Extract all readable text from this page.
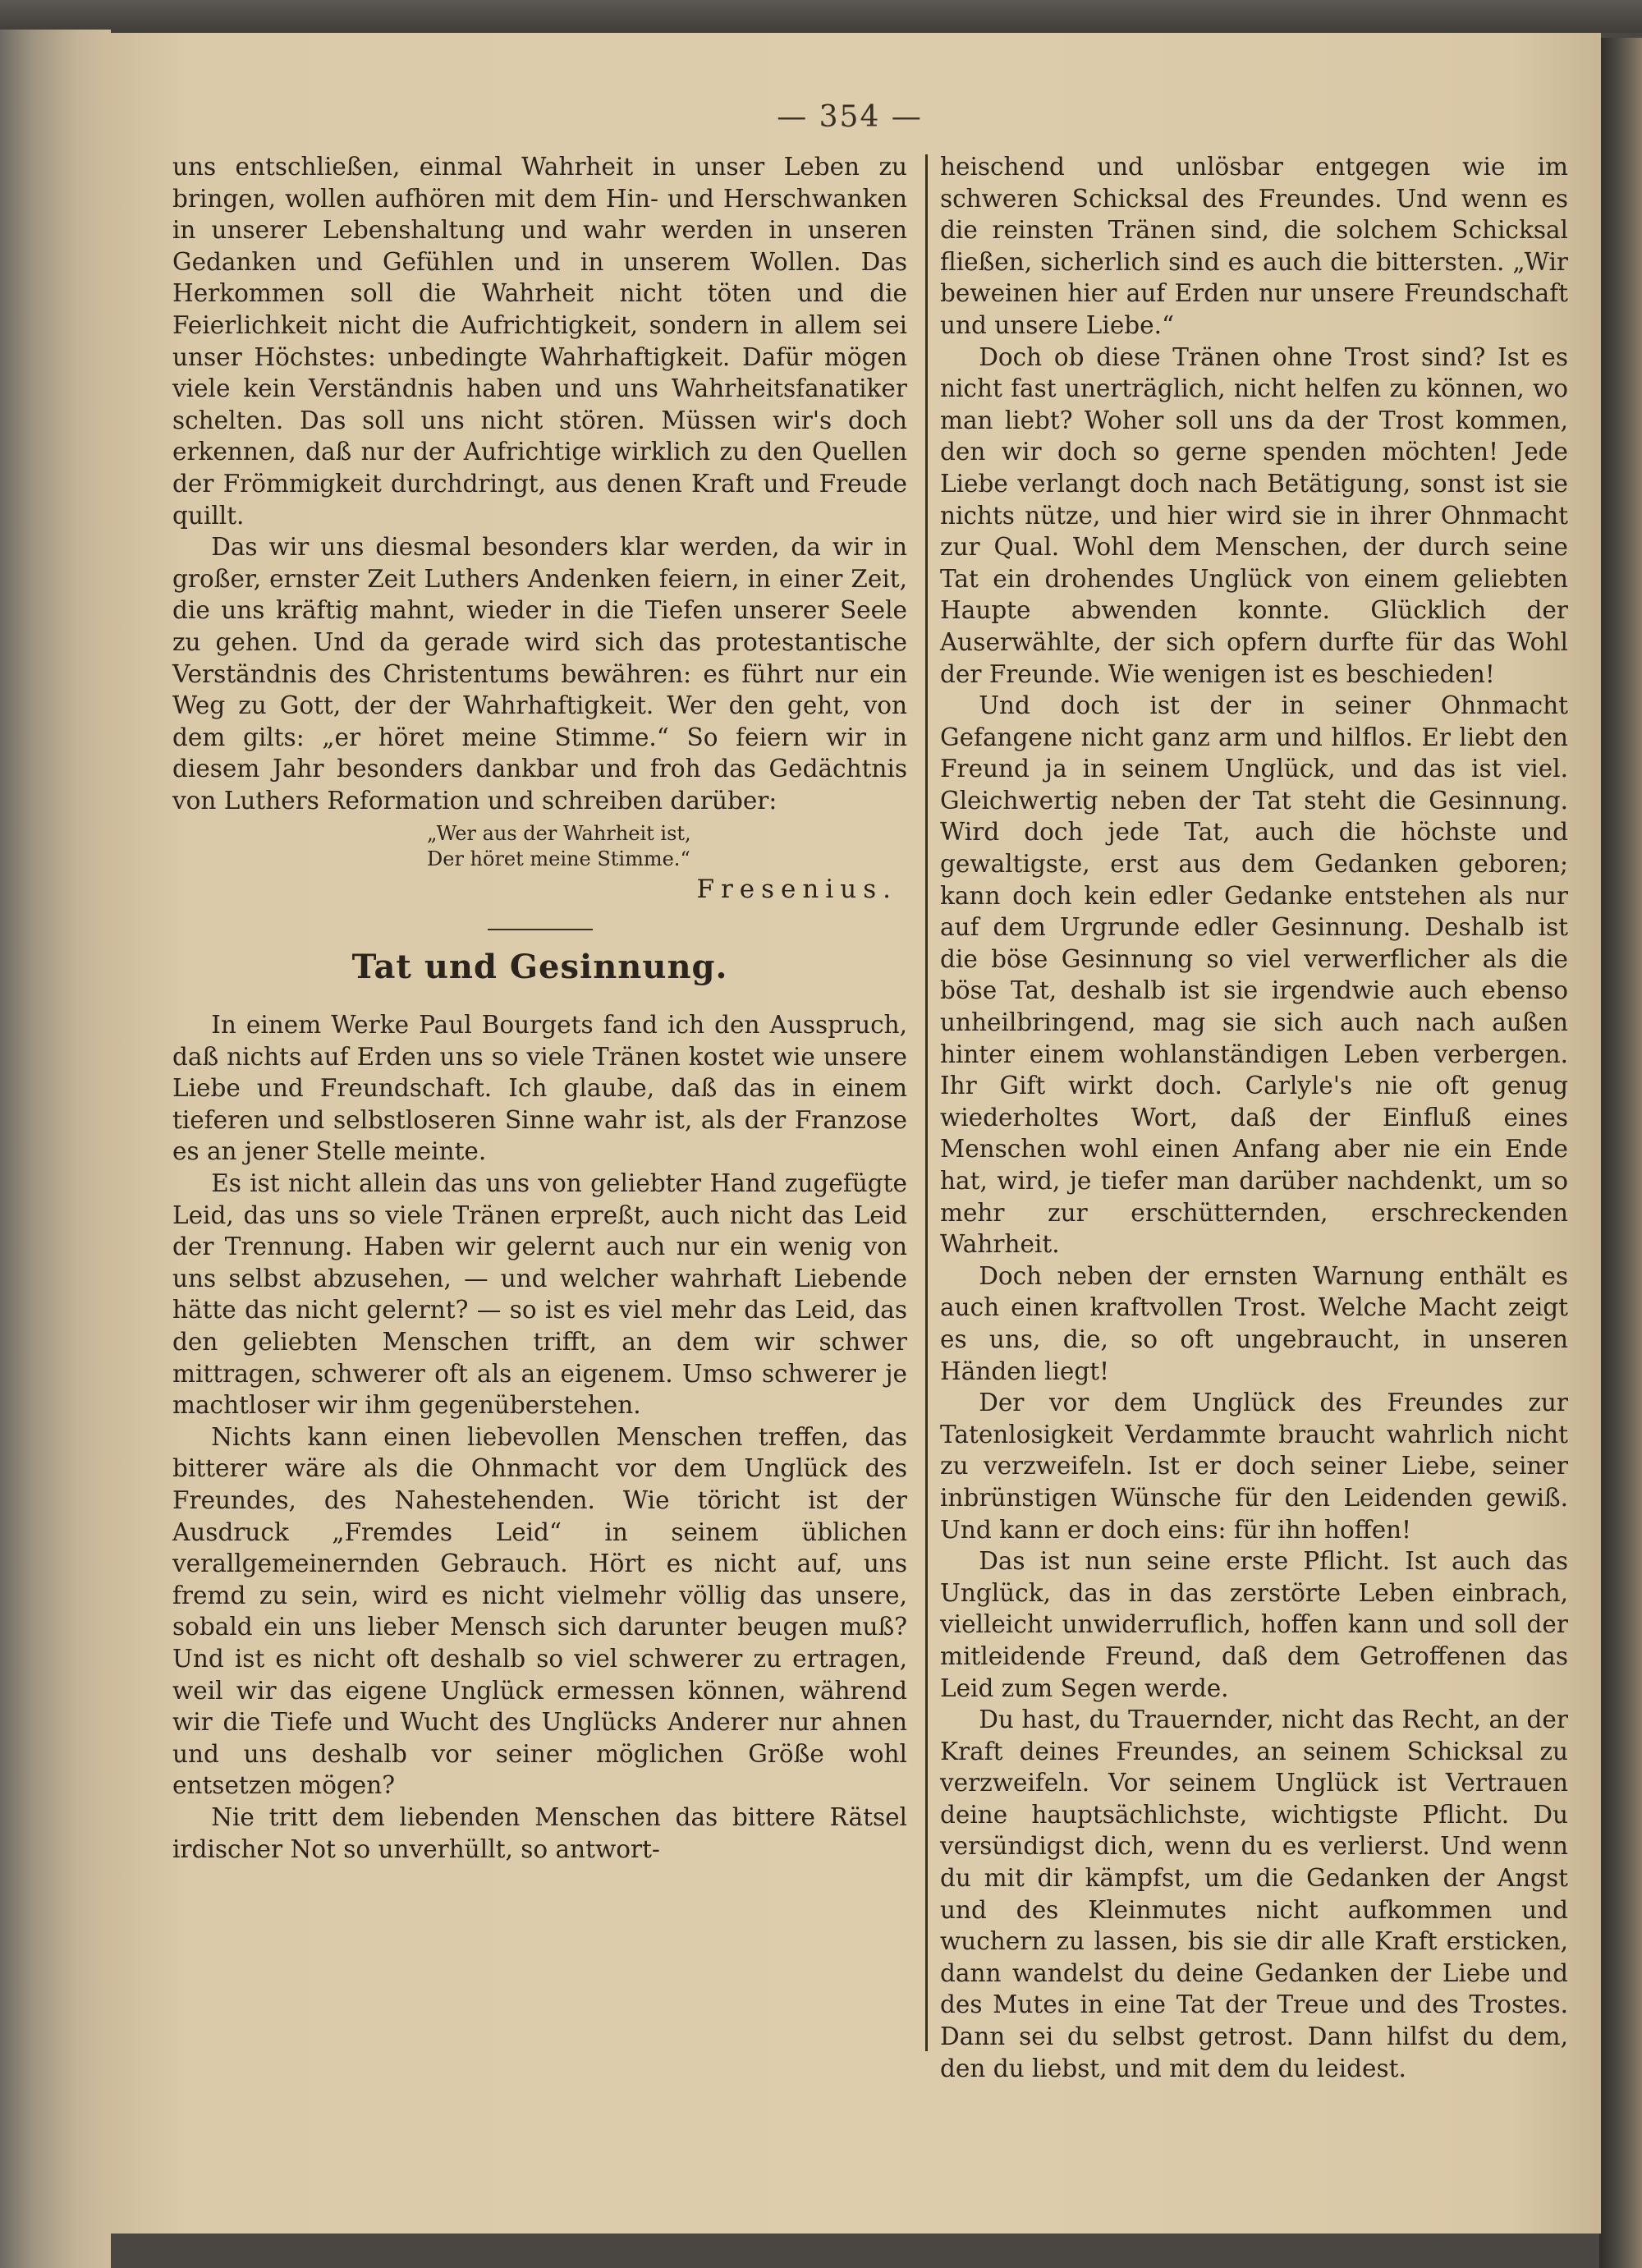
— 354 —

uns entschließen, einmal Wahrheit in unser Leben zu bringen, wollen aufhören mit dem Hin- und Herschwanken in unserer Lebenshaltung und wahr werden in unseren Gedanken und Gefühlen und in unserem Wollen. Das Herkommen soll die Wahrheit nicht töten und die Feierlichkeit nicht die Aufrichtigkeit, sondern in allem sei unser Höchstes: unbedingte Wahrhaftigkeit. Dafür mögen viele kein Verständnis haben und uns Wahrheitsfanatiker schelten. Das soll uns nicht stören. Müssen wir's doch erkennen, daß nur der Aufrichtige wirklich zu den Quellen der Frömmigkeit durchdringt, aus denen Kraft und Freude quillt.

Das wir uns diesmal besonders klar werden, da wir in großer, ernster Zeit Luthers Andenken feiern, in einer Zeit, die uns kräftig mahnt, wieder in die Tiefen unserer Seele zu gehen. Und da gerade wird sich das protestantische Verständnis des Christentums bewähren: es führt nur ein Weg zu Gott, der der Wahrhaftigkeit. Wer den geht, von dem gilts: „er höret meine Stimme.“ So feiern wir in diesem Jahr besonders dankbar und froh das Gedächtnis von Luthers Reformation und schreiben darüber:

„Wer aus der Wahrheit ist,
Der höret meine Stimme.“
Fresenius.
Tat und Gesinnung.

In einem Werke Paul Bourgets fand ich den Ausspruch, daß nichts auf Erden uns so viele Tränen kostet wie unsere Liebe und Freundschaft. Ich glaube, daß das in einem tieferen und selbstloseren Sinne wahr ist, als der Franzose es an jener Stelle meinte.

Es ist nicht allein das uns von geliebter Hand zugefügte Leid, das uns so viele Tränen erpreßt, auch nicht das Leid der Trennung. Haben wir gelernt auch nur ein wenig von uns selbst abzusehen, — und welcher wahrhaft Liebende hätte das nicht gelernt? — so ist es viel mehr das Leid, das den geliebten Menschen trifft, an dem wir schwer mittragen, schwerer oft als an eigenem. Umso schwerer je machtloser wir ihm gegenüberstehen.

Nichts kann einen liebevollen Menschen treffen, das bitterer wäre als die Ohnmacht vor dem Unglück des Freundes, des Nahestehenden. Wie töricht ist der Ausdruck „Fremdes Leid“ in seinem üblichen verallgemeinernden Gebrauch. Hört es nicht auf, uns fremd zu sein, wird es nicht vielmehr völlig das unsere, sobald ein uns lieber Mensch sich darunter beugen muß? Und ist es nicht oft deshalb so viel schwerer zu ertragen, weil wir das eigene Unglück ermessen können, während wir die Tiefe und Wucht des Unglücks Anderer nur ahnen und uns deshalb vor seiner möglichen Größe wohl entsetzen mögen?

Nie tritt dem liebenden Menschen das bittere Rätsel irdischer Not so unverhüllt, so antwort-

heischend und unlösbar entgegen wie im schweren Schicksal des Freundes. Und wenn es die reinsten Tränen sind, die solchem Schicksal fließen, sicherlich sind es auch die bittersten. „Wir beweinen hier auf Erden nur unsere Freundschaft und unsere Liebe.“

Doch ob diese Tränen ohne Trost sind? Ist es nicht fast unerträglich, nicht helfen zu können, wo man liebt? Woher soll uns da der Trost kommen, den wir doch so gerne spenden möchten! Jede Liebe verlangt doch nach Betätigung, sonst ist sie nichts nütze, und hier wird sie in ihrer Ohnmacht zur Qual. Wohl dem Menschen, der durch seine Tat ein drohendes Unglück von einem geliebten Haupte abwenden konnte. Glücklich der Auserwählte, der sich opfern durfte für das Wohl der Freunde. Wie wenigen ist es beschieden!

Und doch ist der in seiner Ohnmacht Gefangene nicht ganz arm und hilflos. Er liebt den Freund ja in seinem Unglück, und das ist viel. Gleichwertig neben der Tat steht die Gesinnung. Wird doch jede Tat, auch die höchste und gewaltigste, erst aus dem Gedanken geboren; kann doch kein edler Gedanke entstehen als nur auf dem Urgrunde edler Gesinnung. Deshalb ist die böse Gesinnung so viel verwerflicher als die böse Tat, deshalb ist sie irgendwie auch ebenso unheilbringend, mag sie sich auch nach außen hinter einem wohlanständigen Leben verbergen. Ihr Gift wirkt doch. Carlyle's nie oft genug wiederholtes Wort, daß der Einfluß eines Menschen wohl einen Anfang aber nie ein Ende hat, wird, je tiefer man darüber nachdenkt, um so mehr zur erschütternden, erschreckenden Wahrheit.

Doch neben der ernsten Warnung enthält es auch einen kraftvollen Trost. Welche Macht zeigt es uns, die, so oft ungebraucht, in unseren Händen liegt!

Der vor dem Unglück des Freundes zur Tatenlosigkeit Verdammte braucht wahrlich nicht zu verzweifeln. Ist er doch seiner Liebe, seiner inbrünstigen Wünsche für den Leidenden gewiß. Und kann er doch eins: für ihn hoffen!

Das ist nun seine erste Pflicht. Ist auch das Unglück, das in das zerstörte Leben einbrach, vielleicht unwiderruflich, hoffen kann und soll der mitleidende Freund, daß dem Getroffenen das Leid zum Segen werde.

Du hast, du Trauernder, nicht das Recht, an der Kraft deines Freundes, an seinem Schicksal zu verzweifeln. Vor seinem Unglück ist Vertrauen deine hauptsächlichste, wichtigste Pflicht. Du versündigst dich, wenn du es verlierst. Und wenn du mit dir kämpfst, um die Gedanken der Angst und des Kleinmutes nicht aufkommen und wuchern zu lassen, bis sie dir alle Kraft ersticken, dann wandelst du deine Gedanken der Liebe und des Mutes in eine Tat der Treue und des Trostes. Dann sei du selbst getrost. Dann hilfst du dem, den du liebst, und mit dem du leidest.
